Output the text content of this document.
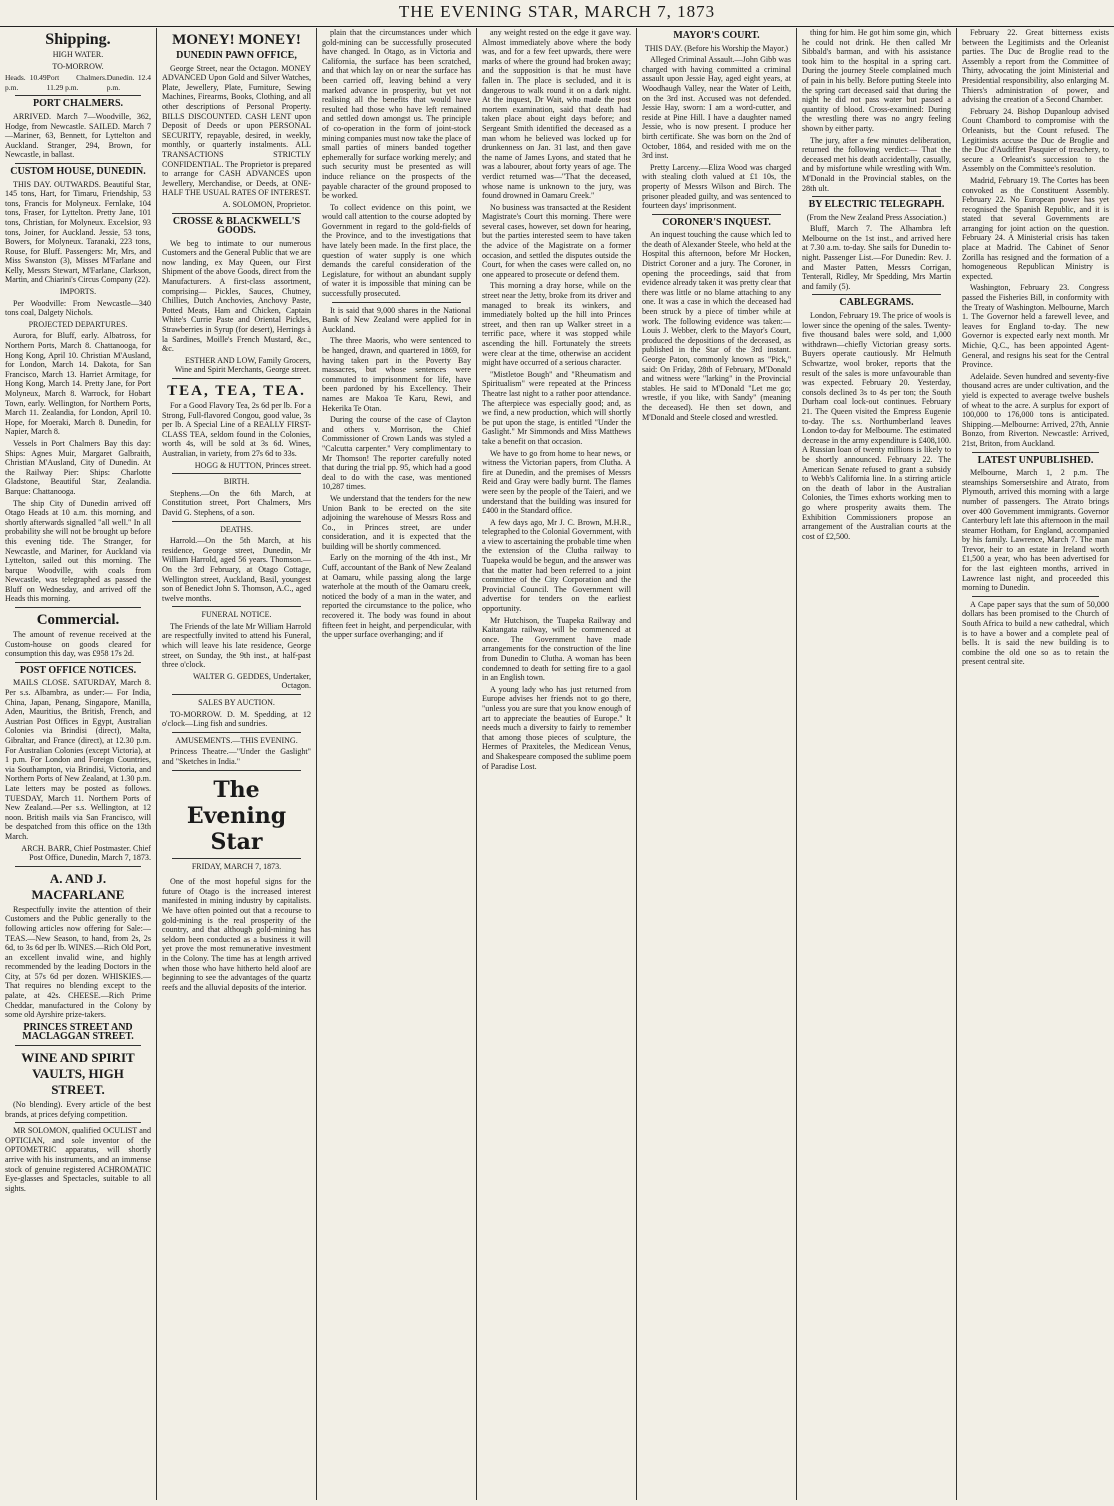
THE EVENING STAR, MARCH 7, 1873
Shipping.
HIGH WATER.
TO-MORROW.
Heads. 10.49 p.m.
Port Chalmers. 11.29 p.m.
Dunedin. 12.4 p.m.
PORT CHALMERS.

ARRIVED. March 7—Woodville, 362, Hodge, from Newcastle. SAILED. March 7—Mariner, 63, Bennett, for Lyttelton and Auckland. Stranger, 294, Brown, for Newcastle, in ballast.

CUSTOM HOUSE, DUNEDIN.

THIS DAY. OUTWARDS. Beautiful Star, 145 tons, Hart, for Timaru, Friendship, 53 tons, Francis for Molyneux. Fernlake, 104 tons, Fraser, for Lyttelton. Pretty Jane, 101 tons, Christian, for Molyneux. Excelsior, 93 tons, Joiner, for Auckland. Jessie, 53 tons, Bowers, for Molyneux. Taranaki, 223 tons, Rouse, for Bluff. Passengers: Mr, Mrs, and Miss Swanston (3), Misses M'Farlane and Kelly, Messrs Stewart, M'Farlane, Clarkson, Martin, and Chiarini's Circus Company (22).

IMPORTS.

Per Woodville: From Newcastle—340 tons coal, Dalgety Nichols.

PROJECTED DEPARTURES.

Aurora, for Bluff, early. Albatross, for Northern Ports, March 8. Chattanooga, for Hong Kong, April 10. Christian M'Ausland, for London, March 14. Dakota, for San Francisco, March 13. Harriet Armitage, for Hong Kong, March 14. Pretty Jane, for Port Molyneux, March 8. Warrock, for Hobart Town, early. Wellington, for Northern Ports, March 11. Zealandia, for London, April 10. Hope, for Moeraki, March 8. Dunedin, for Napier, March 8.

Vessels in Port Chalmers Bay this day: Ships: Agnes Muir, Margaret Galbraith, Christian M'Ausland, City of Dunedin. At the Railway Pier: Ships: Charlotte Gladstone, Beautiful Star, Zealandia. Barque: Chattanooga.

The ship City of Dunedin arrived off Otago Heads at 10 a.m. this morning, and shortly afterwards signalled "all well." In all probability she will not be brought up before this evening tide. The Stranger, for Newcastle, and Mariner, for Auckland via Lyttelton, sailed out this morning. The barque Woodville, with coals from Newcastle, was telegraphed as passed the Bluff on Wednesday, and arrived off the Heads this morning.

Commercial.

The amount of revenue received at the Custom-house on goods cleared for consumption this day, was £958 17s 2d.

POST OFFICE NOTICES.

MAILS CLOSE. SATURDAY, March 8. Per s.s. Albambra, as under:— For India, China, Japan, Penang, Singapore, Manilla, Aden, Mauritius, the British, French, and Austrian Post Offices in Egypt, Australian Colonies via Brindisi (direct), Malta, Gibraltar, and France (direct), at 12.30 p.m. For Australian Colonies (except Victoria), at 1 p.m. For London and Foreign Countries, via Southampton, via Brindisi, Victoria, and Northern Ports of New Zealand, at 1.30 p.m. Late letters may be posted as follows. TUESDAY, March 11. Northern Ports of New Zealand.—Per s.s. Wellington, at 12 noon. British mails via San Francisco, will be despatched from this office on the 13th March.

ARCH. BARR, Chief Postmaster. Chief Post Office, Dunedin, March 7, 1873.

A. AND J. MACFARLANE

Respectfully invite the attention of their Customers and the Public generally to the following articles now offering for Sale:— TEAS.—New Season, to hand, from 2s, 2s 6d, to 3s 6d per lb. WINES.—Rich Old Port, an excellent invalid wine, and highly recommended by the leading Doctors in the City, at 57s 6d per dozen. WHISKIES.—That requires no blending except to the palate, at 42s. CHEESE.—Rich Prime Cheddar, manufactured in the Colony by some old Ayrshire prize-takers.

PRINCES STREET AND MACLAGGAN STREET.
WINE AND SPIRIT VAULTS, HIGH STREET.

(No blending). Every article of the best brands, at prices defying competition.

MR SOLOMON, qualified OCULIST and OPTICIAN, and sole inventor of the OPTOMETRIC apparatus, will shortly arrive with his instruments, and an immense stock of genuine registered ACHROMATIC Eye-glasses and Spectacles, suitable to all sights.

MONEY! MONEY!
DUNEDIN PAWN OFFICE,

George Street, near the Octagon. MONEY ADVANCED Upon Gold and Silver Watches, Plate, Jewellery, Plate, Furniture, Sewing Machines, Firearms, Books, Clothing, and all other descriptions of Personal Property. BILLS DISCOUNTED. CASH LENT upon Deposit of Deeds or upon PERSONAL SECURITY, repayable, desired, in weekly, monthly, or quarterly instalments. ALL TRANSACTIONS STRICTLY CONFIDENTIAL. The Proprietor is prepared to arrange for CASH ADVANCES upon Jewellery, Merchandise, or Deeds, at ONE-HALF THE USUAL RATES OF INTEREST.

A. SOLOMON, Proprietor.

CROSSE & BLACKWELL'S GOODS.

We beg to intimate to our numerous Customers and the General Public that we are now landing, ex May Queen, our First Shipment of the above Goods, direct from the Manufacturers. A first-class assortment, comprising— Pickles, Sauces, Chutney, Chillies, Dutch Anchovies, Anchovy Paste, Potted Meats, Ham and Chicken, Captain White's Currie Paste and Oriental Pickles, Strawberries in Syrup (for desert), Herrings à la Sardines, Moille's French Mustard, &c., &c.

ESTHER AND LOW, Family Grocers, Wine and Spirit Merchants, George street.

TEA, TEA, TEA.

For a Good Flavory Tea, 2s 6d per lb. For a Strong, Full-flavored Congou, good value, 3s per lb. A Special Line of a REALLY FIRST-CLASS TEA, seldom found in the Colonies, worth 4s, will be sold at 3s 6d. Wines, Australian, in variety, from 27s 6d to 33s.

HOGG & HUTTON, Princes street.

BIRTH.

Stephens.—On the 6th March, at Constitution street, Port Chalmers, Mrs David G. Stephens, of a son.

DEATHS.

Harrold.—On the 5th March, at his residence, George street, Dunedin, Mr William Harrold, aged 56 years. Thomson.—On the 3rd February, at Otago Cottage, Wellington street, Auckland, Basil, youngest son of Benedict John S. Thomson, A.C., aged twelve months.

FUNERAL NOTICE.

The Friends of the late Mr William Harrold are respectfully invited to attend his Funeral, which will leave his late residence, George street, on Sunday, the 9th inst., at half-past three o'clock.

WALTER G. GEDDES, Undertaker, Octagon.

SALES BY AUCTION.

TO-MORROW. D. M. Spedding, at 12 o'clock—Ling fish and sundries.

AMUSEMENTS.—THIS EVENING.

Princess Theatre.—"Under the Gaslight" and "Sketches in India."

The Evening Star
FRIDAY, MARCH 7, 1873.

One of the most hopeful signs for the future of Otago is the increased interest manifested in mining industry by capitalists. We have often pointed out that a recourse to gold-mining is the real prosperity of the country, and that although gold-mining has seldom been conducted as a business it will yet prove the most remunerative investment in the Colony. The time has at length arrived when those who have hitherto held aloof are beginning to see the advantages of the quartz reefs and the alluvial deposits of the interior.

plain that the circumstances under which gold-mining can be successfully prosecuted have changed. In Otago, as in Victoria and California, the surface has been scratched, and that which lay on or near the surface has been carried off, leaving behind a very marked advance in prosperity, but yet not realising all the benefits that would have resulted had those who have left remained and settled down amongst us. The principle of co-operation in the form of joint-stock mining companies must now take the place of small parties of miners banded together ephemerally for surface working merely; and such security must be presented as will induce reliance on the prospects of the payable character of the ground proposed to be worked.

To collect evidence on this point, we would call attention to the course adopted by Government in regard to the gold-fields of the Province, and to the investigations that have lately been made. In the first place, the question of water supply is one which demands the careful consideration of the Legislature, for without an abundant supply of water it is impossible that mining can be successfully prosecuted.

It is said that 9,000 shares in the National Bank of New Zealand were applied for in Auckland.

The three Maoris, who were sentenced to be hanged, drawn, and quartered in 1869, for having taken part in the Poverty Bay massacres, but whose sentences were commuted to imprisonment for life, have been pardoned by his Excellency. Their names are Makoa Te Karu, Rewi, and Hekerika Te Otan.

During the course of the case of Clayton and others v. Morrison, the Chief Commissioner of Crown Lands was styled a "Calcutta carpenter." Very complimentary to Mr Thomson! The reporter carefully noted that during the trial pp. 95, which had a good deal to do with the case, was mentioned 10,287 times.

We understand that the tenders for the new Union Bank to be erected on the site adjoining the warehouse of Messrs Ross and Co., in Princes street, are under consideration, and it is expected that the building will be shortly commenced.

Early on the morning of the 4th inst., Mr Cuff, accountant of the Bank of New Zealand at Oamaru, while passing along the large waterhole at the mouth of the Oamaru creek, noticed the body of a man in the water, and reported the circumstance to the police, who recovered it. The body was found in about fifteen feet in height, and perpendicular, with the upper surface overhanging; and if

any weight rested on the edge it gave way. Almost immediately above where the body was, and for a few feet upwards, there were marks of where the ground had broken away; and the supposition is that he must have fallen in. The place is secluded, and it is dangerous to walk round it on a dark night. At the inquest, Dr Wait, who made the post mortem examination, said that death had taken place about eight days before; and Sergeant Smith identified the deceased as a man whom he believed was locked up for drunkenness on Jan. 31 last, and then gave the name of James Lyons, and stated that he was a labourer, about forty years of age. The verdict returned was—"That the deceased, whose name is unknown to the jury, was found drowned in Oamaru Creek."

No business was transacted at the Resident Magistrate's Court this morning. There were several cases, however, set down for hearing, but the parties interested seem to have taken the advice of the Magistrate on a former occasion, and settled the disputes outside the Court, for when the cases were called on, no one appeared to prosecute or defend them.

This morning a dray horse, while on the street near the Jetty, broke from its driver and managed to break its winkers, and immediately bolted up the hill into Princes street, and then ran up Walker street in a terrific pace, where it was stopped while ascending the hill. Fortunately the streets were clear at the time, otherwise an accident might have occurred of a serious character.

"Mistletoe Bough" and "Rheumatism and Spiritualism" were repeated at the Princess Theatre last night to a rather poor attendance. The afterpiece was especially good; and, as we find, a new production, which will shortly be put upon the stage, is entitled "Under the Gaslight." Mr Simmonds and Miss Matthews take a benefit on that occasion.

We have to go from home to hear news, or witness the Victorian papers, from Clutha. A fire at Dunedin, and the premises of Messrs Reid and Gray were badly burnt. The flames were seen by the people of the Taieri, and we understand that the building was insured for £400 in the Standard office.

A few days ago, Mr J. C. Brown, M.H.R., telegraphed to the Colonial Government, with a view to ascertaining the probable time when the extension of the Clutha railway to Tuapeka would be begun, and the answer was that the matter had been referred to a joint committee of the City Corporation and the Provincial Council. The Government will advertise for tenders on the earliest opportunity.

Mr Hutchison, the Tuapeka Railway and Kaitangata railway, will be commenced at once. The Government have made arrangements for the construction of the line from Dunedin to Clutha. A woman has been condemned to death for setting fire to a gaol in an English town.

A young lady who has just returned from Europe advises her friends not to go there, "unless you are sure that you know enough of art to appreciate the beauties of Europe." It needs much a diversity to fairly to remember that among those pieces of sculpture, the Hermes of Praxiteles, the Medicean Venus, and Shakespeare composed the sublime poem of Paradise Lost.

MAYOR'S COURT.
THIS DAY. (Before his Worship the Mayor.)

Alleged Criminal Assault.—John Gibb was charged with having committed a criminal assault upon Jessie Hay, aged eight years, at Woodhaugh Valley, near the Water of Leith, on the 3rd inst. Accused was not defended. Jessie Hay, sworn: I am a word-cutter, and reside at Pine Hill. I have a daughter named Jessie, who is now present. I produce her birth certificate. She was born on the 2nd of October, 1864, and resided with me on the 3rd inst.

Pretty Larceny.—Eliza Wood was charged with stealing cloth valued at £1 10s, the property of Messrs Wilson and Birch. The prisoner pleaded guilty, and was sentenced to fourteen days' imprisonment.

CORONER'S INQUEST.

An inquest touching the cause which led to the death of Alexander Steele, who held at the Hospital this afternoon, before Mr Hocken, District Coroner and a jury. The Coroner, in opening the proceedings, said that from evidence already taken it was pretty clear that there was little or no blame attaching to any one. It was a case in which the deceased had been struck by a piece of timber while at work. The following evidence was taken:— Louis J. Webber, clerk to the Mayor's Court, produced the depositions of the deceased, as published in the Star of the 3rd instant. George Paton, commonly known as "Pick," said: On Friday, 28th of February, M'Donald and witness were "larking" in the Provincial stables. He said to M'Donald "Let me go; wrestle, if you like, with Sandy" (meaning the deceased). He then set down, and M'Donald and Steele closed and wrestled.

thing for him. He got him some gin, which he could not drink. He then called Mr Sibbald's barman, and with his assistance took him to the hospital in a spring cart. During the journey Steele complained much of pain in his belly. Before putting Steele into the spring cart deceased said that during the night he did not pass water but passed a quantity of blood. Cross-examined: During the wrestling there was no angry feeling shown by either party.

The jury, after a few minutes deliberation, returned the following verdict:— That the deceased met his death accidentally, casually, and by misfortune while wrestling with Wm. M'Donald in the Provincial stables, on the 28th ult.

BY ELECTRIC TELEGRAPH.
(From the New Zealand Press Association.)

Bluff, March 7. The Alhambra left Melbourne on the 1st inst., and arrived here at 7.30 a.m. to-day. She sails for Dunedin to-night. Passenger List.—For Dunedin: Rev. J. and Master Patten, Messrs Corrigan, Tenterall, Ridley, Mr Spedding, Mrs Martin and family (5).

CABLEGRAMS.

London, February 19. The price of wools is lower since the opening of the sales. Twenty-five thousand bales were sold, and 1,000 withdrawn—chiefly Victorian greasy sorts. Buyers operate cautiously. Mr Helmuth Schwartze, wool broker, reports that the result of the sales is more unfavourable than was expected. February 20. Yesterday, consols declined 3s to 4s per ton; the South Durham coal lock-out continues. February 21. The Queen visited the Empress Eugenie to-day. The s.s. Northumberland leaves London to-day for Melbourne. The estimated decrease in the army expenditure is £408,100. A Russian loan of twenty millions is likely to be shortly announced. February 22. The American Senate refused to grant a subsidy to Webb's California line. In a stirring article on the death of labor in the Australian Colonies, the Times exhorts working men to go where prosperity awaits them. The Exhibition Commissioners propose an arrangement of the Australian courts at the cost of £2,500.

February 22. Great bitterness exists between the Legitimists and the Orleanist parties. The Duc de Broglie read to the Assembly a report from the Committee of Thirty, advocating the joint Ministerial and Presidential responsibility, also enlarging M. Thiers's administration of power, and advising the creation of a Second Chamber.

February 24. Bishop Dupanloup advised Count Chambord to compromise with the Orleanists, but the Count refused. The Legitimists accuse the Duc de Broglie and the Duc d'Audiffret Pasquier of treachery, to secure a Orleanist's succession to the Assembly on the Committee's resolution.

Madrid, February 19. The Cortes has been convoked as the Constituent Assembly. February 22. No European power has yet recognised the Spanish Republic, and it is stated that several Governments are arranging for joint action on the question. February 24. A Ministerial crisis has taken place at Madrid. The Cabinet of Senor Zorilla has resigned and the formation of a homogeneous Republican Ministry is expected.

Washington, February 23. Congress passed the Fisheries Bill, in conformity with the Treaty of Washington. Melbourne, March 1. The Governor held a farewell levee, and leaves for England to-day. The new Governor is expected early next month. Mr Michie, Q.C., has been appointed Agent-General, and resigns his seat for the Central Province.

Adelaide. Seven hundred and seventy-five thousand acres are under cultivation, and the yield is expected to average twelve bushels of wheat to the acre. A surplus for export of 100,000 to 176,000 tons is anticipated. Shipping.—Melbourne: Arrived, 27th, Annie Bonzo, from Riverton. Newcastle: Arrived, 21st, Briton, from Auckland.

LATEST UNPUBLISHED.

Melbourne, March 1, 2 p.m. The steamships Somersetshire and Atrato, from Plymouth, arrived this morning with a large number of passengers. The Atrato brings over 400 Government immigrants. Governor Canterbury left late this afternoon in the mail steamer Hotham, for England, accompanied by his family. Lawrence, March 7. The man Trevor, heir to an estate in Ireland worth £1,500 a year, who has been advertised for for the last eighteen months, arrived in Lawrence last night, and proceeded this morning to Dunedin.

A Cape paper says that the sum of 50,000 dollars has been promised to the Church of South Africa to build a new cathedral, which is to have a bower and a complete peal of bells. It is said the new building is to combine the old one so as to retain the present central site.
